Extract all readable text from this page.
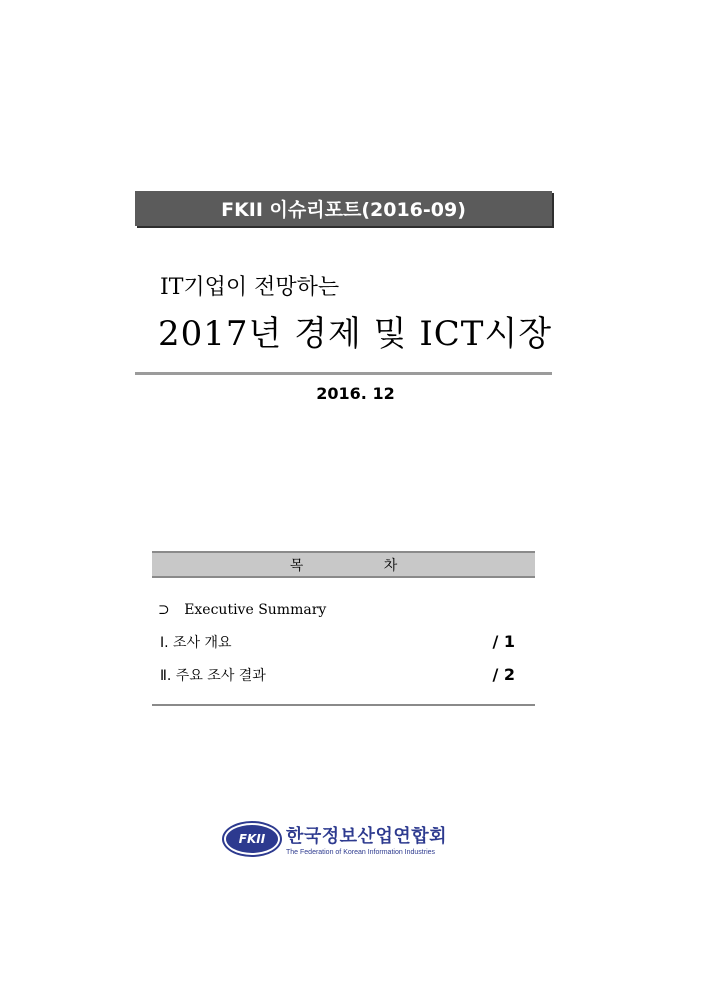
FKII 이슈리포트(2016-09)
IT기업이 전망하는
2017년 경제 및 ICT시장
2016. 12
목 차
⊃ Executive Summary
Ⅰ. 조사 개요	/ 1
Ⅱ. 주요 조사 결과	/ 2
FKII 한국정보산업연합회
The Federation of Korean Information Industries
